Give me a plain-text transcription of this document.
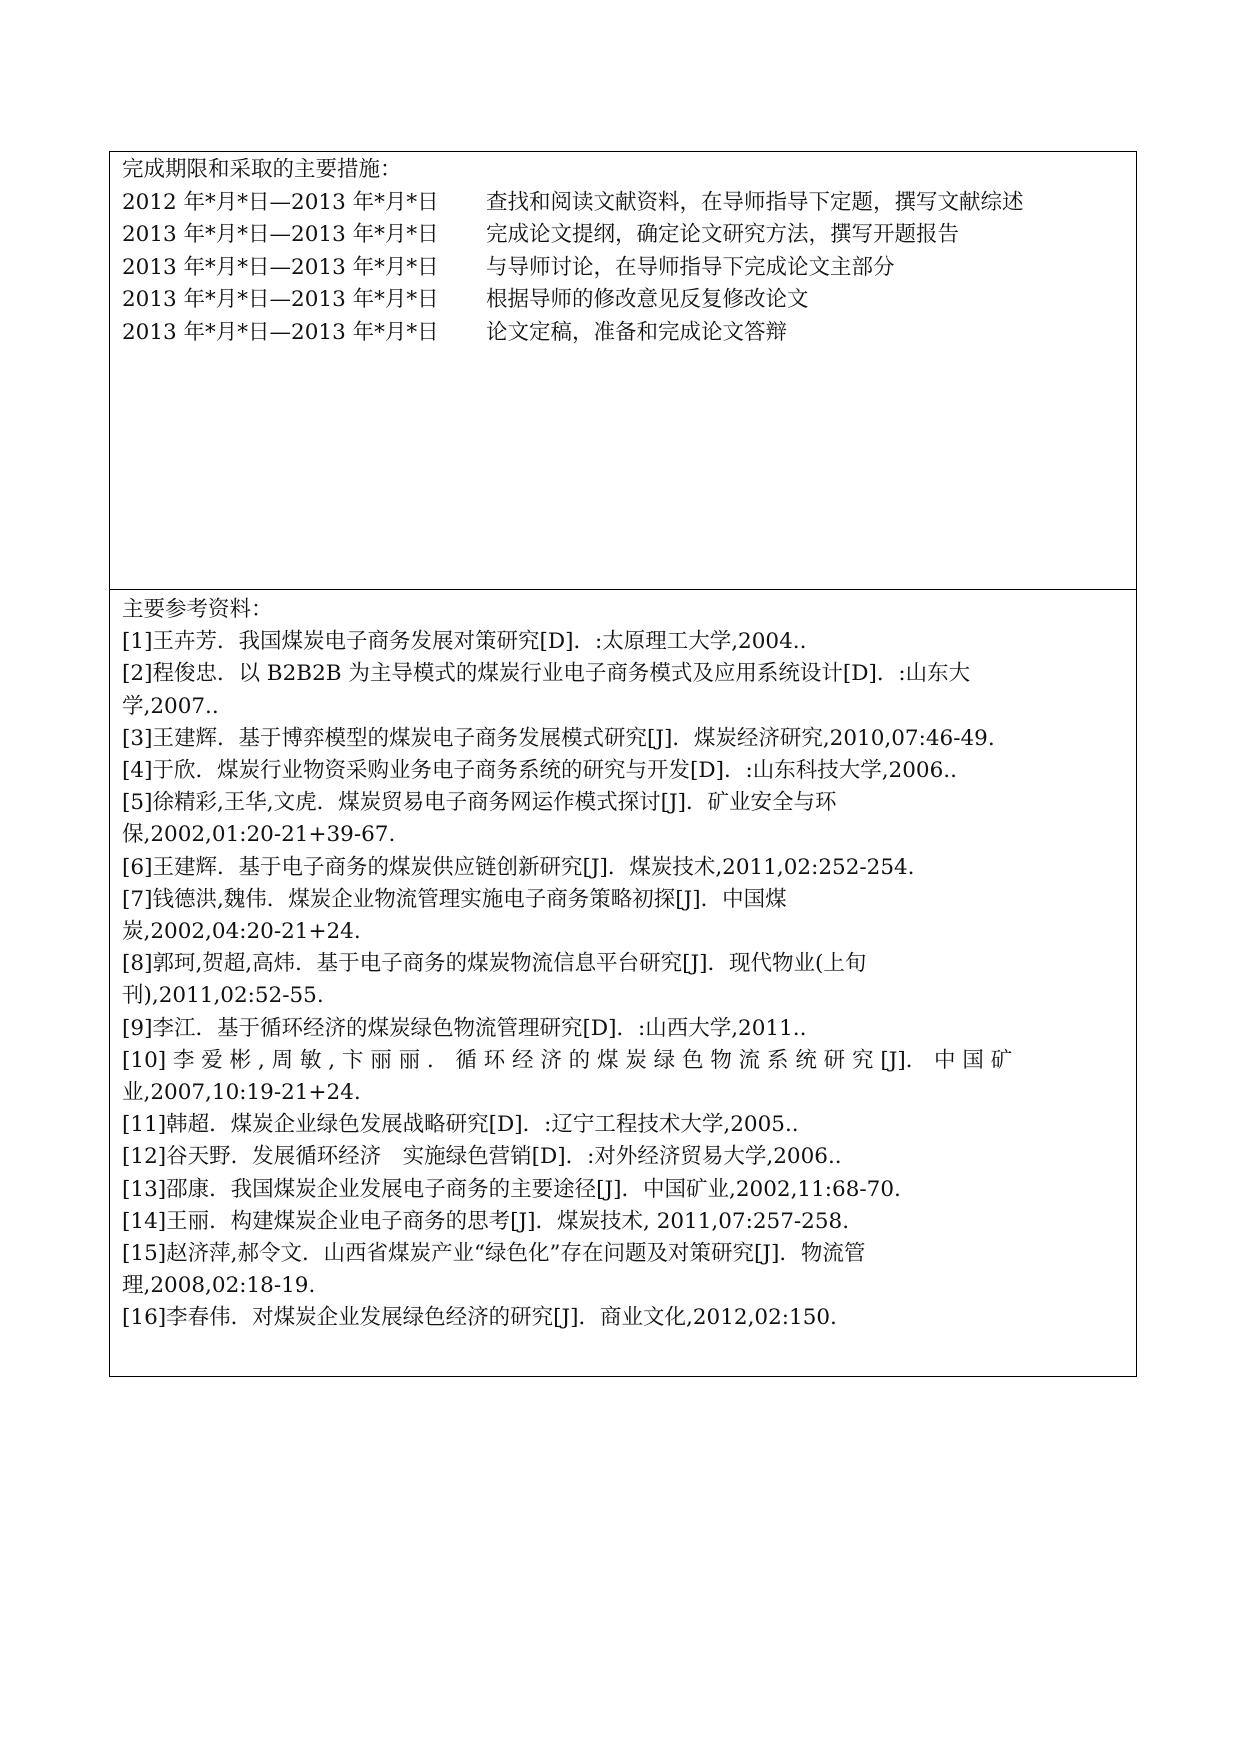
完成期限和采取的主要措施：
2012 年*月*日—2013 年*月*日	查找和阅读文献资料，在导师指导下定题，撰写文献综述
2013 年*月*日—2013 年*月*日	完成论文提纲，确定论文研究方法，撰写开题报告
2013 年*月*日—2013 年*月*日	与导师讨论，在导师指导下完成论文主部分
2013 年*月*日—2013 年*月*日	根据导师的修改意见反复修改论文
2013 年*月*日—2013 年*月*日	论文定稿，准备和完成论文答辩
主要参考资料：
[1]王卉芳．我国煤炭电子商务发展对策研究[D]．:太原理工大学,2004..
[2]程俊忠．以 B2B2B 为主导模式的煤炭行业电子商务模式及应用系统设计[D]．:山东大
学,2007..
[3]王建辉．基于博弈模型的煤炭电子商务发展模式研究[J]．煤炭经济研究,2010,07:46-49.
[4]于欣．煤炭行业物资采购业务电子商务系统的研究与开发[D]．:山东科技大学,2006..
[5]徐精彩,王华,文虎．煤炭贸易电子商务网运作模式探讨[J]．矿业安全与环
保,2002,01:20-21+39-67.
[6]王建辉．基于电子商务的煤炭供应链创新研究[J]．煤炭技术,2011,02:252-254.
[7]钱德洪,魏伟．煤炭企业物流管理实施电子商务策略初探[J]．中国煤
炭,2002,04:20-21+24.
[8]郭珂,贺超,高炜．基于电子商务的煤炭物流信息平台研究[J]．现代物业(上旬
刊),2011,02:52-55.
[9]李江．基于循环经济的煤炭绿色物流管理研究[D]．:山西大学,2011..
[10] 李 爱 彬 , 周 敏 , 卞 丽 丽 ． 循 环 经 济 的 煤 炭 绿 色 物 流 系 统 研 究 [J]． 中 国 矿
业,2007,10:19-21+24.
[11]韩超．煤炭企业绿色发展战略研究[D]．:辽宁工程技术大学,2005..
[12]谷天野．发展循环经济　实施绿色营销[D]．:对外经济贸易大学,2006..
[13]邵康．我国煤炭企业发展电子商务的主要途径[J]．中国矿业,2002,11:68-70.
[14]王丽．构建煤炭企业电子商务的思考[J]．煤炭技术, 2011,07:257-258.
[15]赵济萍,郝令文．山西省煤炭产业“绿色化”存在问题及对策研究[J]．物流管
理,2008,02:18-19.
[16]李春伟．对煤炭企业发展绿色经济的研究[J]．商业文化,2012,02:150.
